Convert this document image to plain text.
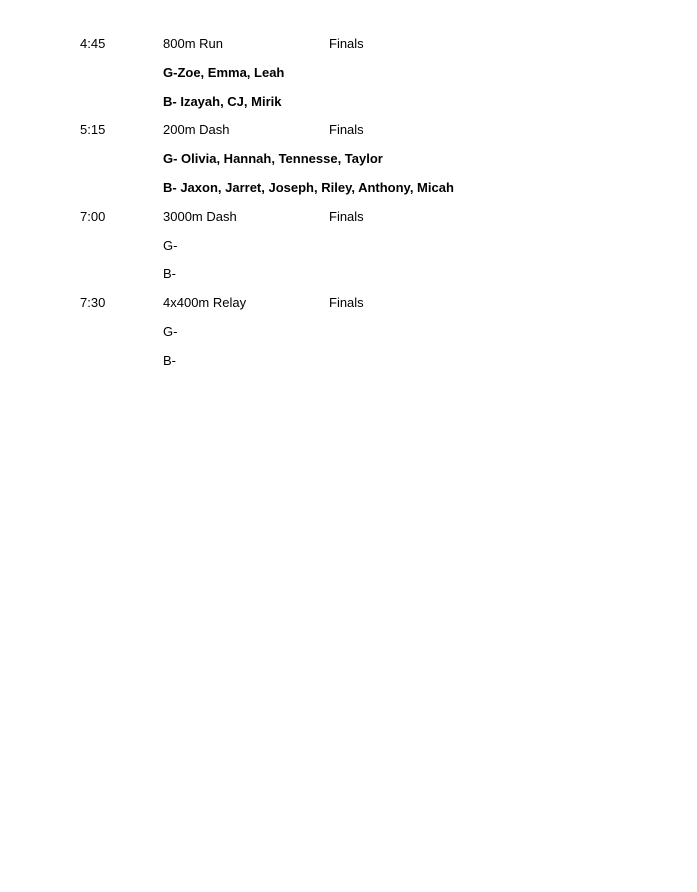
4:45	800m Run	Finals
G-Zoe, Emma, Leah
B- Izayah, CJ, Mirik
5:15	200m Dash	Finals
G- Olivia, Hannah, Tennesse, Taylor
B- Jaxon, Jarret, Joseph, Riley, Anthony, Micah
7:00	3000m Dash	Finals
G-
B-
7:30	4x400m Relay	Finals
G-
B-
